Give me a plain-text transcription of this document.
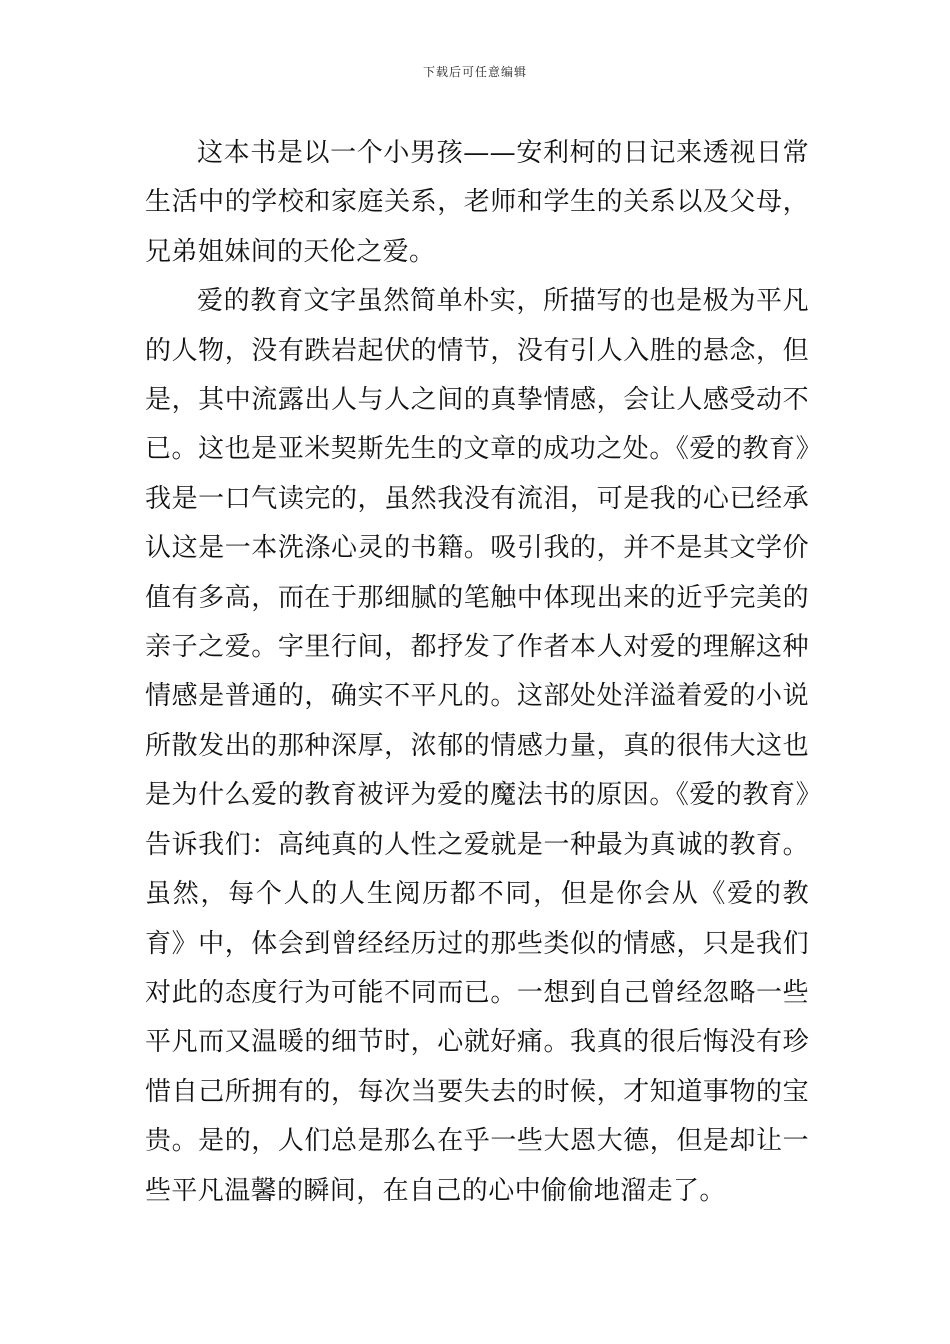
下载后可任意编辑

这本书是以一个小男孩——安利柯的日记来透视日常生活中的学校和家庭关系，老师和学生的关系以及父母，兄弟姐妹间的天伦之爱。

爱的教育文字虽然简单朴实，所描写的也是极为平凡的人物，没有跌岩起伏的情节，没有引人入胜的悬念，但是，其中流露出人与人之间的真挚情感，会让人感受动不已。这也是亚米契斯先生的文章的成功之处。《爱的教育》我是一口气读完的，虽然我没有流泪，可是我的心已经承认这是一本洗涤心灵的书籍。吸引我的，并不是其文学价值有多高，而在于那细腻的笔触中体现出来的近乎完美的亲子之爱。字里行间，都抒发了作者本人对爱的理解这种情感是普通的，确实不平凡的。这部处处洋溢着爱的小说所散发出的那种深厚，浓郁的情感力量，真的很伟大这也是为什么爱的教育被评为爱的魔法书的原因。《爱的教育》告诉我们：高纯真的人性之爱就是一种最为真诚的教育。虽然，每个人的人生阅历都不同，但是你会从《爱的教育》中，体会到曾经经历过的那些类似的情感，只是我们对此的态度行为可能不同而已。一想到自己曾经忽略一些平凡而又温暖的细节时，心就好痛。我真的很后悔没有珍惜自己所拥有的，每次当要失去的时候，才知道事物的宝贵。是的，人们总是那么在乎一些大恩大德，但是却让一些平凡温馨的瞬间，在自己的心中偷偷地溜走了。
